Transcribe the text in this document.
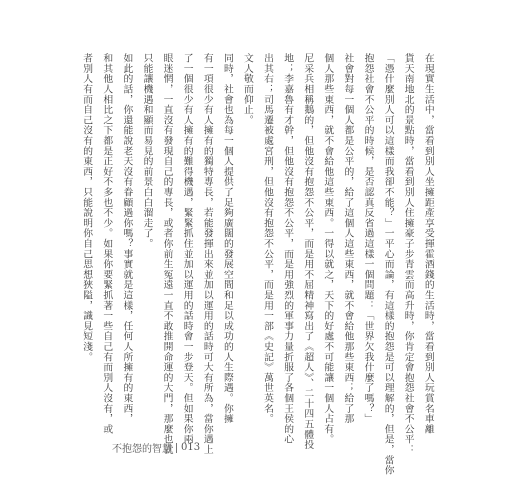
在現實生活中，當看到別人坐擁距產享受揮霍酒錢的生活時，當看到別人玩賞名車離
貨天南地北的景點時，當看到別人住擁豪子步青雲而高升時，你肯定會抱怨社會不公平：
「憑什麼別人可以這樣而我卻不能？」一平心而論，有這樣的抱怨是可以理解的，但是，當你
抱怨社會不公平的時候，是否認真反省過這樣一個問題：「世界欠我什麼了嗎？」
社會對每一個人都是公平的，給了這個人這些東西，就不會給他那些東西；給了那
個人那些東西，就不會給他這些東西。一得以就之，天下的好處不可能讓一個人占有。
尼采兵相稱鵝的，但他沒有抱怨不公平，而是用不屈精神寫出了《超人》、二十四五體投
地；李嘉魯有才幹，但他沒有抱怨不公平，而是用強烈的軍事力量折服了各個王侯的心
出其右；司馬遷被處宮刑，但他沒有抱怨不公平，而是用一部《史記》萬世英名。
文人敬而仰止。
同時，社會也為每一個人提供了足夠廣闊的發展空間和足以成功的人生際遇。你擁
有一項很少有人擁有的獨特專長，若能發揮出來並加以運用的話時可大有所為，當你遇上
了一個很少有人擁有的難得機遇，緊緊抓住並加以運用的話時會一步登天。但如果你兩
眼迷惘，一直沒有發現自己的專長，或者你前生冤遠一直不敢推開命運的大門，那麼也就
只能讓機遇和顯而易見的前景白白溜走了。
如此的話，你還能說老天沒有眷顧過你嗎？事實就是這樣，任何人所擁有的東西，
和其他人相比之下都是正好不多也不少。如果你要緊抓著一些自己有而別人沒有，或
者別人有而自己沒有的東西，只能說明你自己思想狹隘，識見短淺。
不抱怨的智慧 013
